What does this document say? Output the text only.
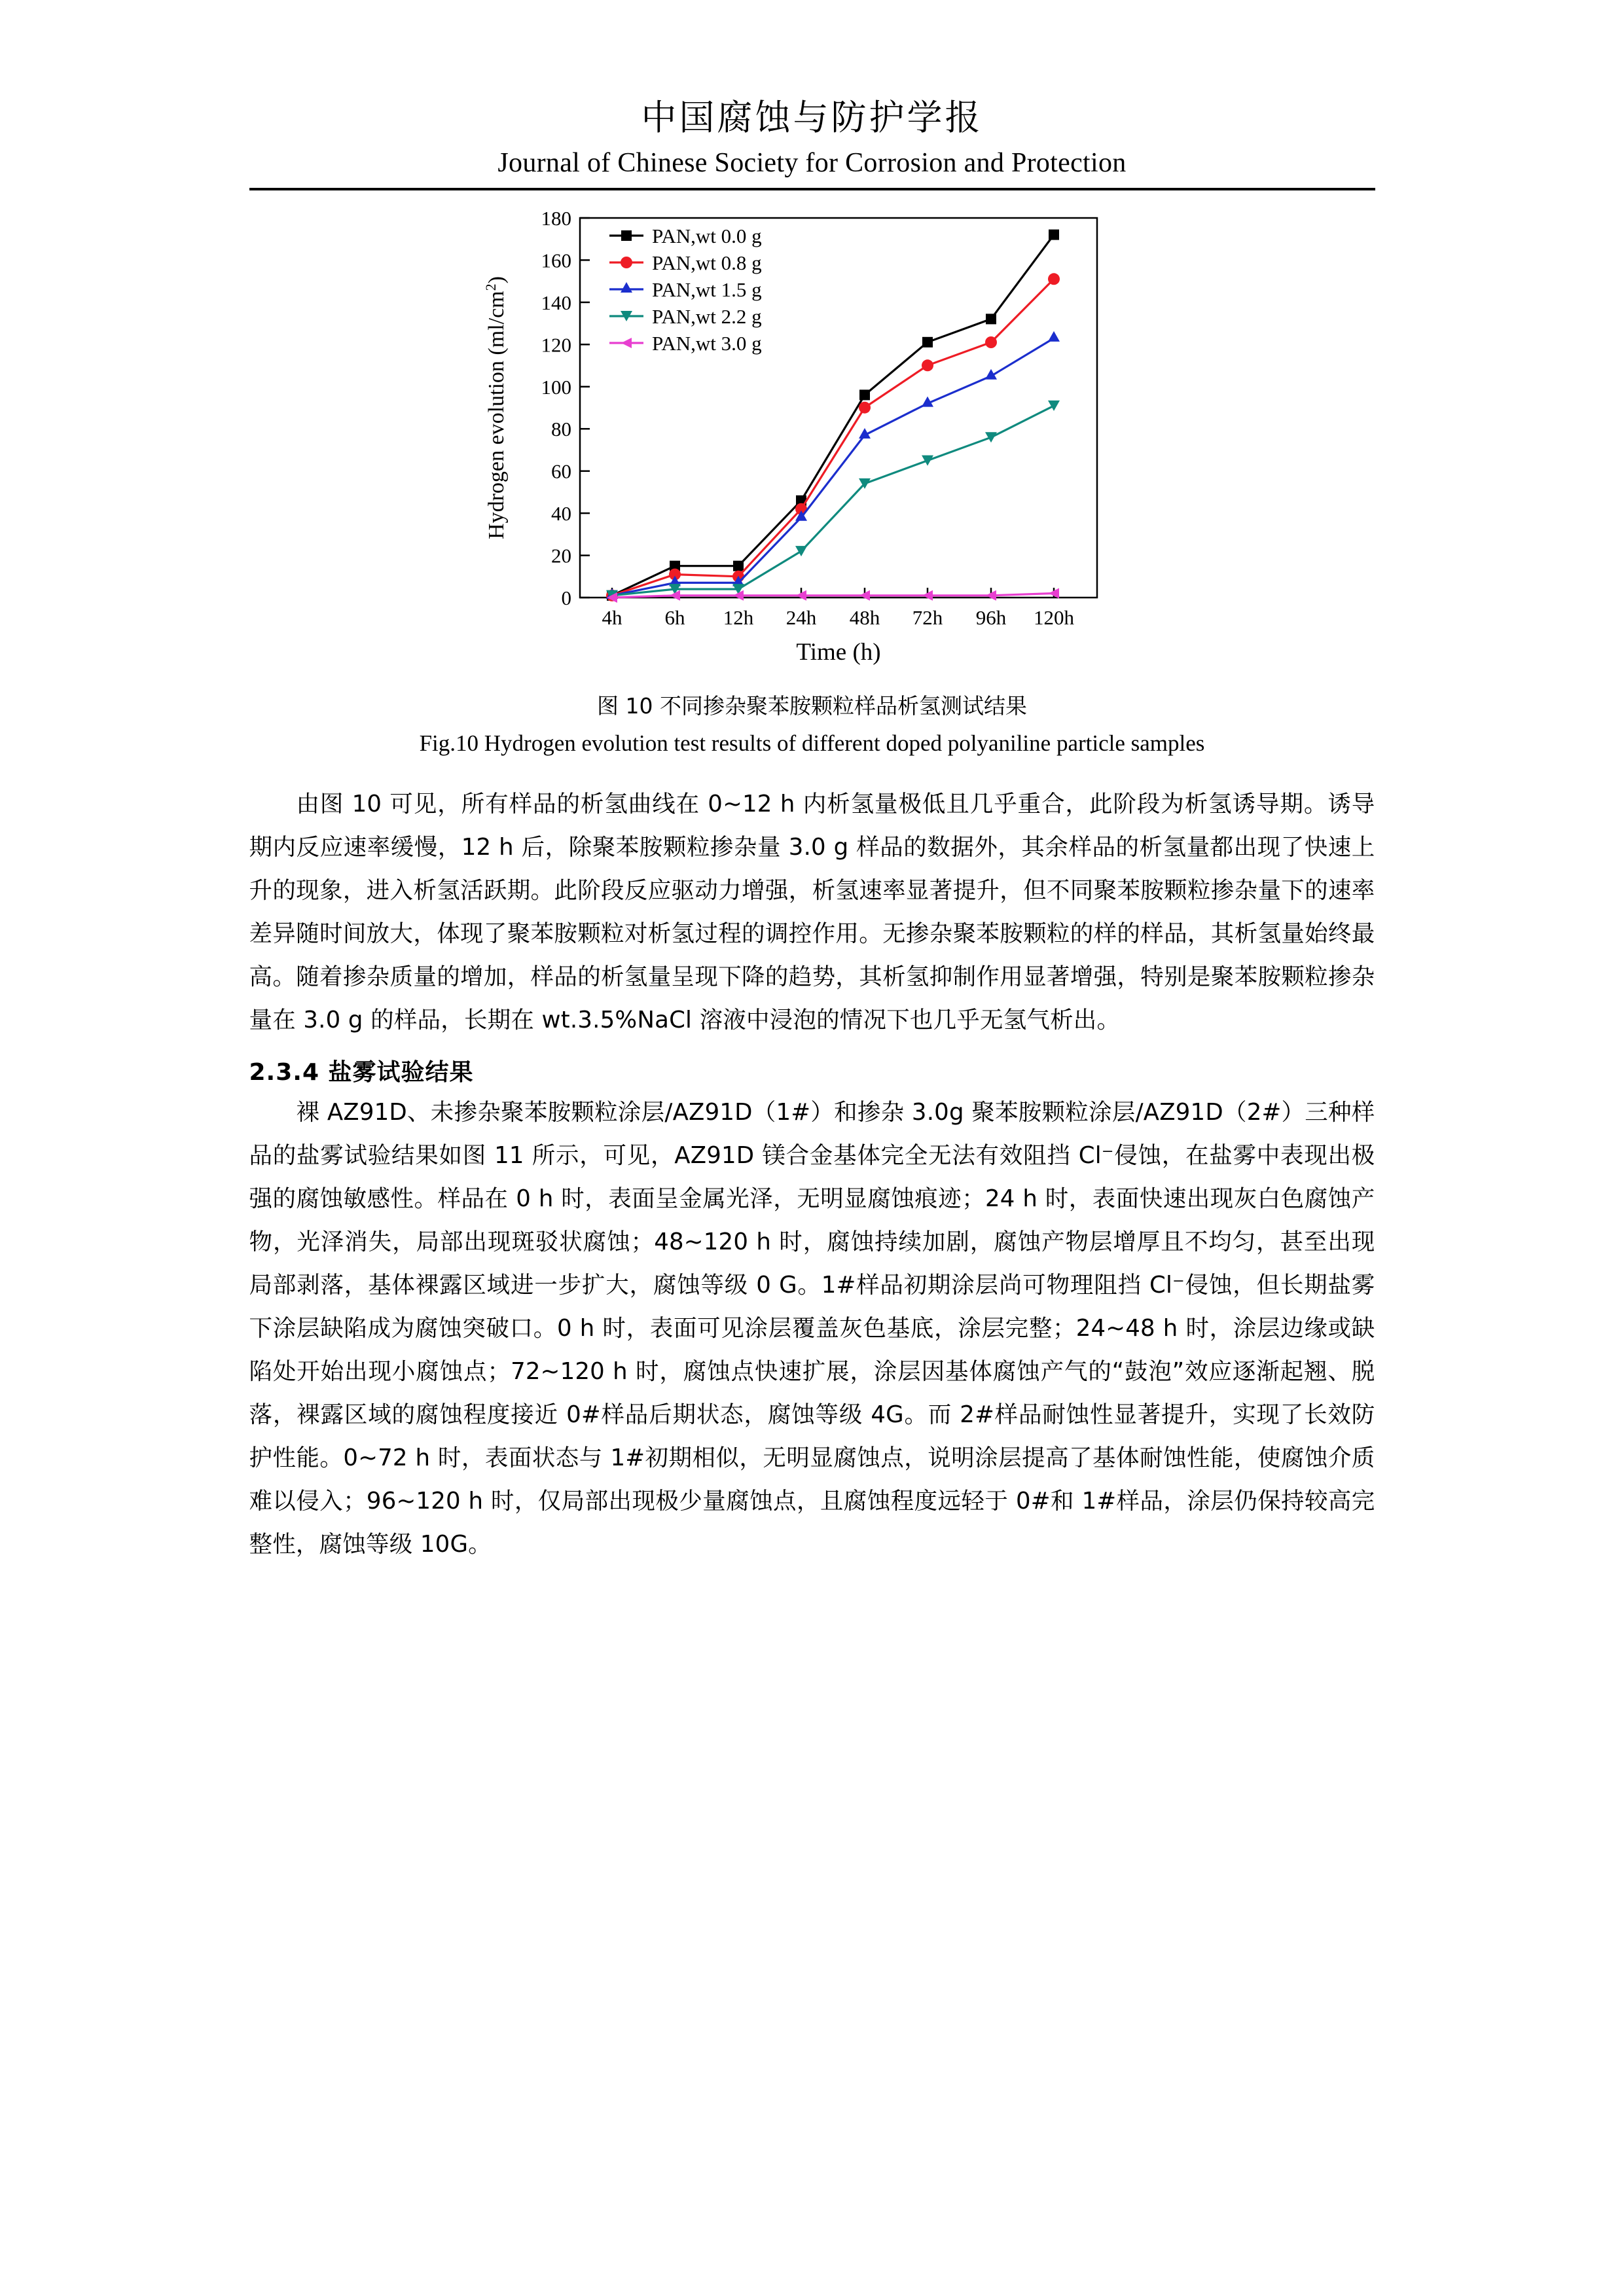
中国腐蚀与防护学报
Journal of Chinese Society for Corrosion and Protection
0
20
40
60
80
100
120
140
160
180
Hydrogen evolution $(ml/cm^2)$
4h 6h 12h 24h 48h 72h 96h 120h
Time (h)
PAN,wt 0.0 g
PAN,wt 0.8 g
PAN,wt 1.5 g
PAN,wt 2.2 g
PAN,wt 3.0 g
图 10 不同掺杂聚苯胺颗粒样品析氢测试结果
Fig.10 Hydrogen evolution test results of different doped polyaniline particle samples

由图 10 可见，所有样品的析氢曲线在 0~12 h 内析氢量极低且几乎重合，此阶段为析氢诱导期。诱导期内反应速率缓慢，12 h 后，除聚苯胺颗粒掺杂量 3.0 g 样品的数据外，其余样品的析氢量都出现了快速上升的现象，进入析氢活跃期。此阶段反应驱动力增强，析氢速率显著提升，但不同聚苯胺颗粒掺杂量下的速率差异随时间放大，体现了聚苯胺颗粒对析氢过程的调控作用。无掺杂聚苯胺颗粒的样的样品，其析氢量始终最高。随着掺杂质量的增加，样品的析氢量呈现下降的趋势，其析氢抑制作用显著增强，特别是聚苯胺颗粒掺杂量在 3.0 g 的样品，长期在 wt.3.5%NaCl 溶液中浸泡的情况下也几乎无氢气析出。

2.3.4 盐雾试验结果

裸 AZ91D、未掺杂聚苯胺颗粒涂层/AZ91D（1#）和掺杂 3.0g 聚苯胺颗粒涂层/AZ91D（2#）三种样品的盐雾试验结果如图 11 所示，可见，AZ91D 镁合金基体完全无法有效阻挡 Cl⁻侵蚀，在盐雾中表现出极强的腐蚀敏感性。样品在 0 h 时，表面呈金属光泽，无明显腐蚀痕迹；24 h 时，表面快速出现灰白色腐蚀产物，光泽消失，局部出现斑驳状腐蚀；48~120 h 时，腐蚀持续加剧，腐蚀产物层增厚且不均匀，甚至出现局部剥落，基体裸露区域进一步扩大，腐蚀等级 0 G。1#样品初期涂层尚可物理阻挡 Cl⁻侵蚀，但长期盐雾下涂层缺陷成为腐蚀突破口。0 h 时，表面可见涂层覆盖灰色基底，涂层完整；24~48 h 时，涂层边缘或缺陷处开始出现小腐蚀点；72~120 h 时，腐蚀点快速扩展，涂层因基体腐蚀产气的“鼓泡”效应逐渐起翘、脱落，裸露区域的腐蚀程度接近 0#样品后期状态，腐蚀等级 4G。而 2#样品耐蚀性显著提升，实现了长效防护性能。0~72 h 时，表面状态与 1#初期相似，无明显腐蚀点，说明涂层提高了基体耐蚀性能，使腐蚀介质难以侵入；96~120 h 时，仅局部出现极少量腐蚀点，且腐蚀程度远轻于 0#和 1#样品，涂层仍保持较高完整性，腐蚀等级 10G。
